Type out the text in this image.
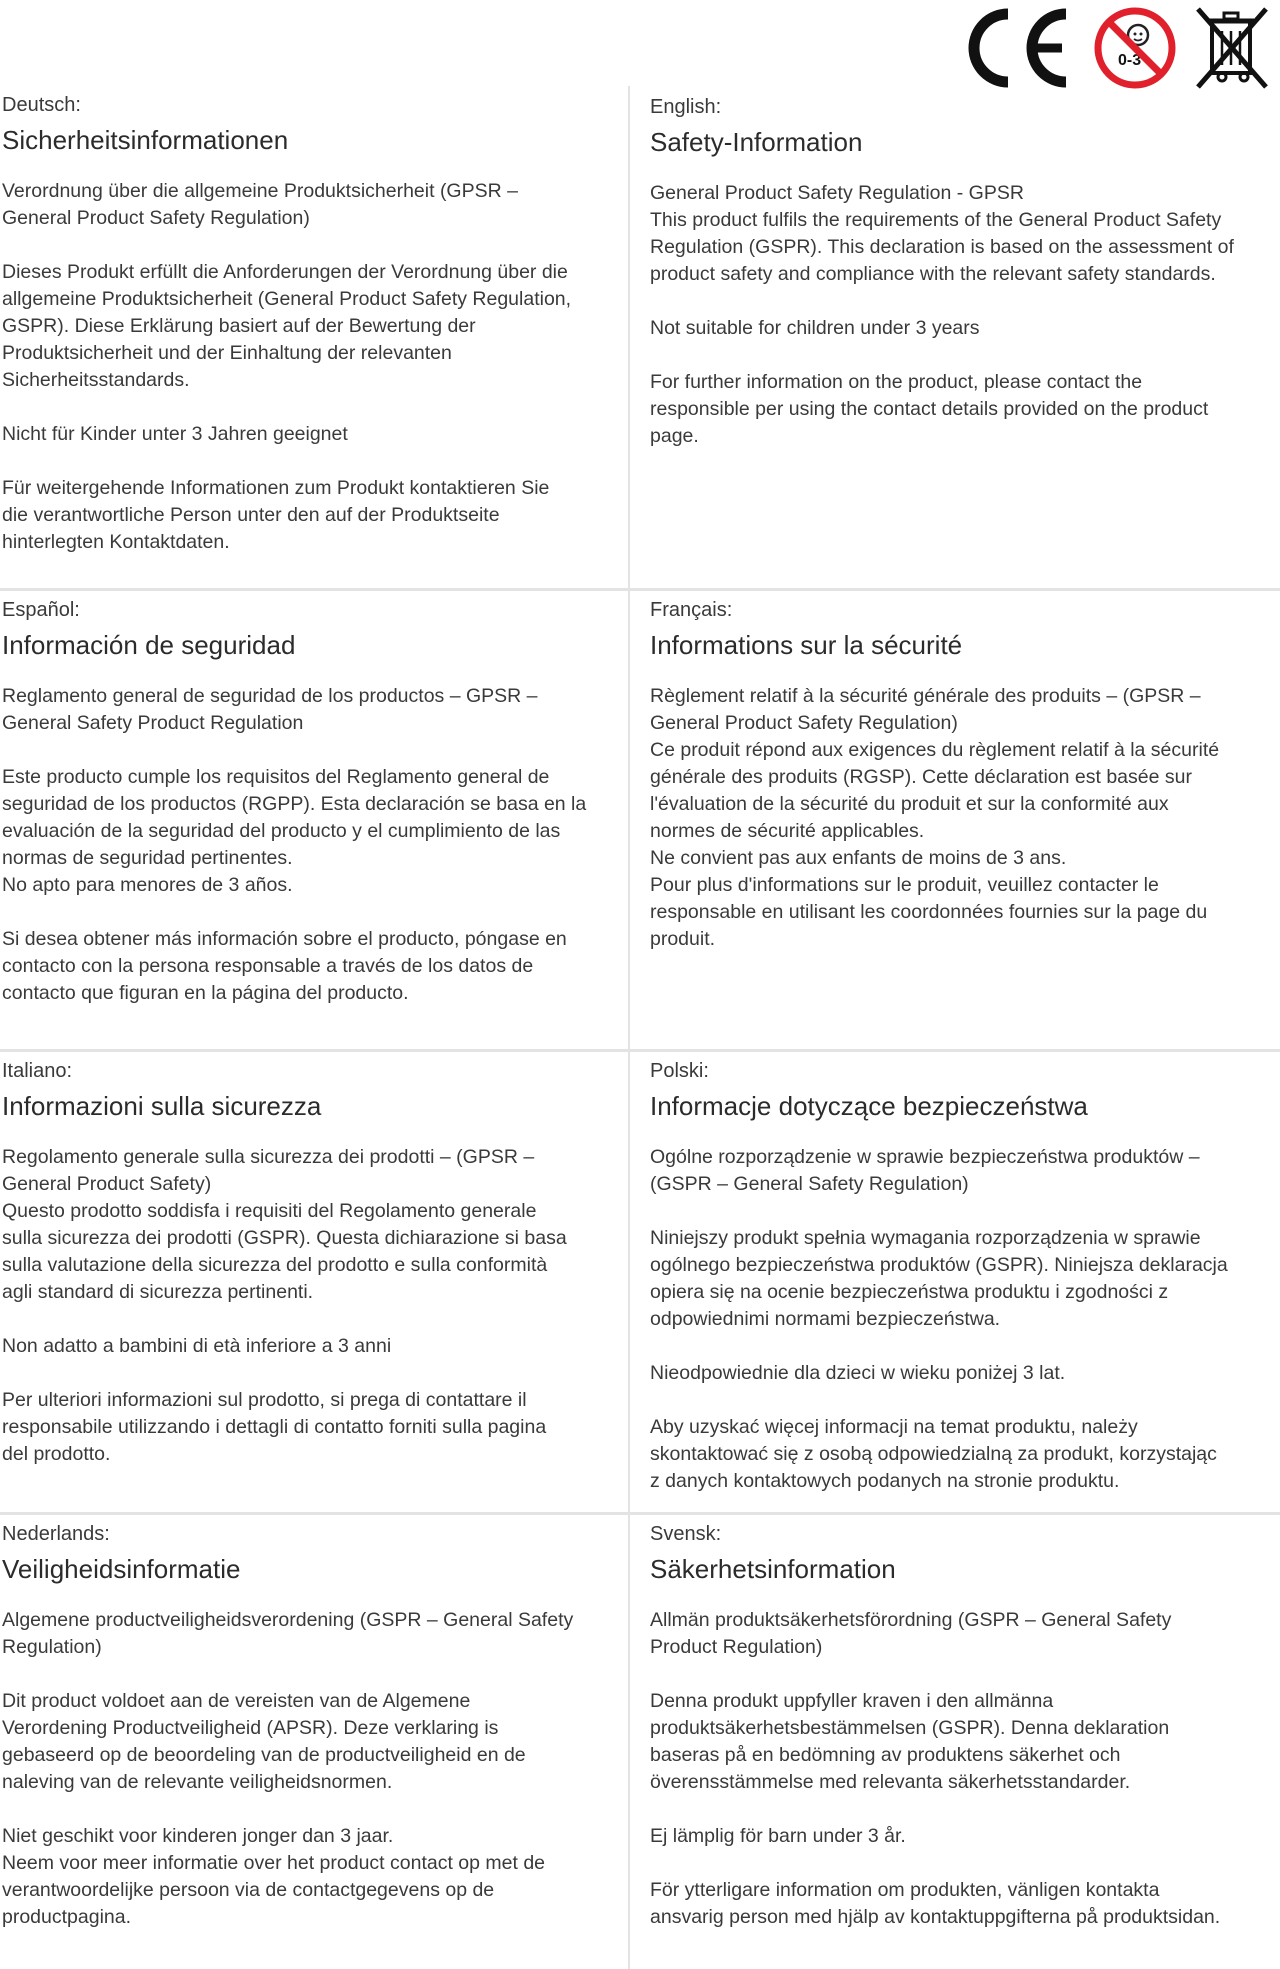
0-3
Deutsch:
Sicherheitsinformationen
Verordnung über die allgemeine Produktsicherheit (GPSR –
General Product Safety Regulation)
Dieses Produkt erfüllt die Anforderungen der Verordnung über die
allgemeine Produktsicherheit (General Product Safety Regulation,
GSPR). Diese Erklärung basiert auf der Bewertung der
Produktsicherheit und der Einhaltung der relevanten
Sicherheitsstandards.
Nicht für Kinder unter 3 Jahren geeignet
Für weitergehende Informationen zum Produkt kontaktieren Sie
die verantwortliche Person unter den auf der Produktseite
hinterlegten Kontaktdaten.
English:
Safety-Information
General Product Safety Regulation - GPSR
This product fulfils the requirements of the General Product Safety
Regulation (GSPR). This declaration is based on the assessment of
product safety and compliance with the relevant safety standards.
Not suitable for children under 3 years
For further information on the product, please contact the
responsible per using the contact details provided on the product
page.
Español:
Información de seguridad
Reglamento general de seguridad de los productos – GPSR –
General Safety Product Regulation
Este producto cumple los requisitos del Reglamento general de
seguridad de los productos (RGPP). Esta declaración se basa en la
evaluación de la seguridad del producto y el cumplimiento de las
normas de seguridad pertinentes.
No apto para menores de 3 años.
Si desea obtener más información sobre el producto, póngase en
contacto con la persona responsable a través de los datos de
contacto que figuran en la página del producto.
Français:
Informations sur la sécurité
Règlement relatif à la sécurité générale des produits – (GPSR –
General Product Safety Regulation)
Ce produit répond aux exigences du règlement relatif à la sécurité
générale des produits (RGSP). Cette déclaration est basée sur
l'évaluation de la sécurité du produit et sur la conformité aux
normes de sécurité applicables.
Ne convient pas aux enfants de moins de 3 ans.
Pour plus d'informations sur le produit, veuillez contacter le
responsable en utilisant les coordonnées fournies sur la page du
produit.
Italiano:
Informazioni sulla sicurezza
Regolamento generale sulla sicurezza dei prodotti – (GPSR –
General Product Safety)
Questo prodotto soddisfa i requisiti del Regolamento generale
sulla sicurezza dei prodotti (GSPR). Questa dichiarazione si basa
sulla valutazione della sicurezza del prodotto e sulla conformità
agli standard di sicurezza pertinenti.
Non adatto a bambini di età inferiore a 3 anni
Per ulteriori informazioni sul prodotto, si prega di contattare il
responsabile utilizzando i dettagli di contatto forniti sulla pagina
del prodotto.
Polski:
Informacje dotyczące bezpieczeństwa
Ogólne rozporządzenie w sprawie bezpieczeństwa produktów –
(GSPR – General Safety Regulation)
Niniejszy produkt spełnia wymagania rozporządzenia w sprawie
ogólnego bezpieczeństwa produktów (GSPR). Niniejsza deklaracja
opiera się na ocenie bezpieczeństwa produktu i zgodności z
odpowiednimi normami bezpieczeństwa.
Nieodpowiednie dla dzieci w wieku poniżej 3 lat.
Aby uzyskać więcej informacji na temat produktu, należy
skontaktować się z osobą odpowiedzialną za produkt, korzystając
z danych kontaktowych podanych na stronie produktu.
Nederlands:
Veiligheidsinformatie
Algemene productveiligheidsverordening (GSPR – General Safety
Regulation)
Dit product voldoet aan de vereisten van de Algemene
Verordening Productveiligheid (APSR). Deze verklaring is
gebaseerd op de beoordeling van de productveiligheid en de
naleving van de relevante veiligheidsnormen.
Niet geschikt voor kinderen jonger dan 3 jaar.
Neem voor meer informatie over het product contact op met de
verantwoordelijke persoon via de contactgegevens op de
productpagina.
Svensk:
Säkerhetsinformation
Allmän produktsäkerhetsförordning (GSPR – General Safety
Product Regulation)
Denna produkt uppfyller kraven i den allmänna
produktsäkerhetsbestämmelsen (GSPR). Denna deklaration
baseras på en bedömning av produktens säkerhet och
överensstämmelse med relevanta säkerhetsstandarder.
Ej lämplig för barn under 3 år.
För ytterligare information om produkten, vänligen kontakta
ansvarig person med hjälp av kontaktuppgifterna på produktsidan.
